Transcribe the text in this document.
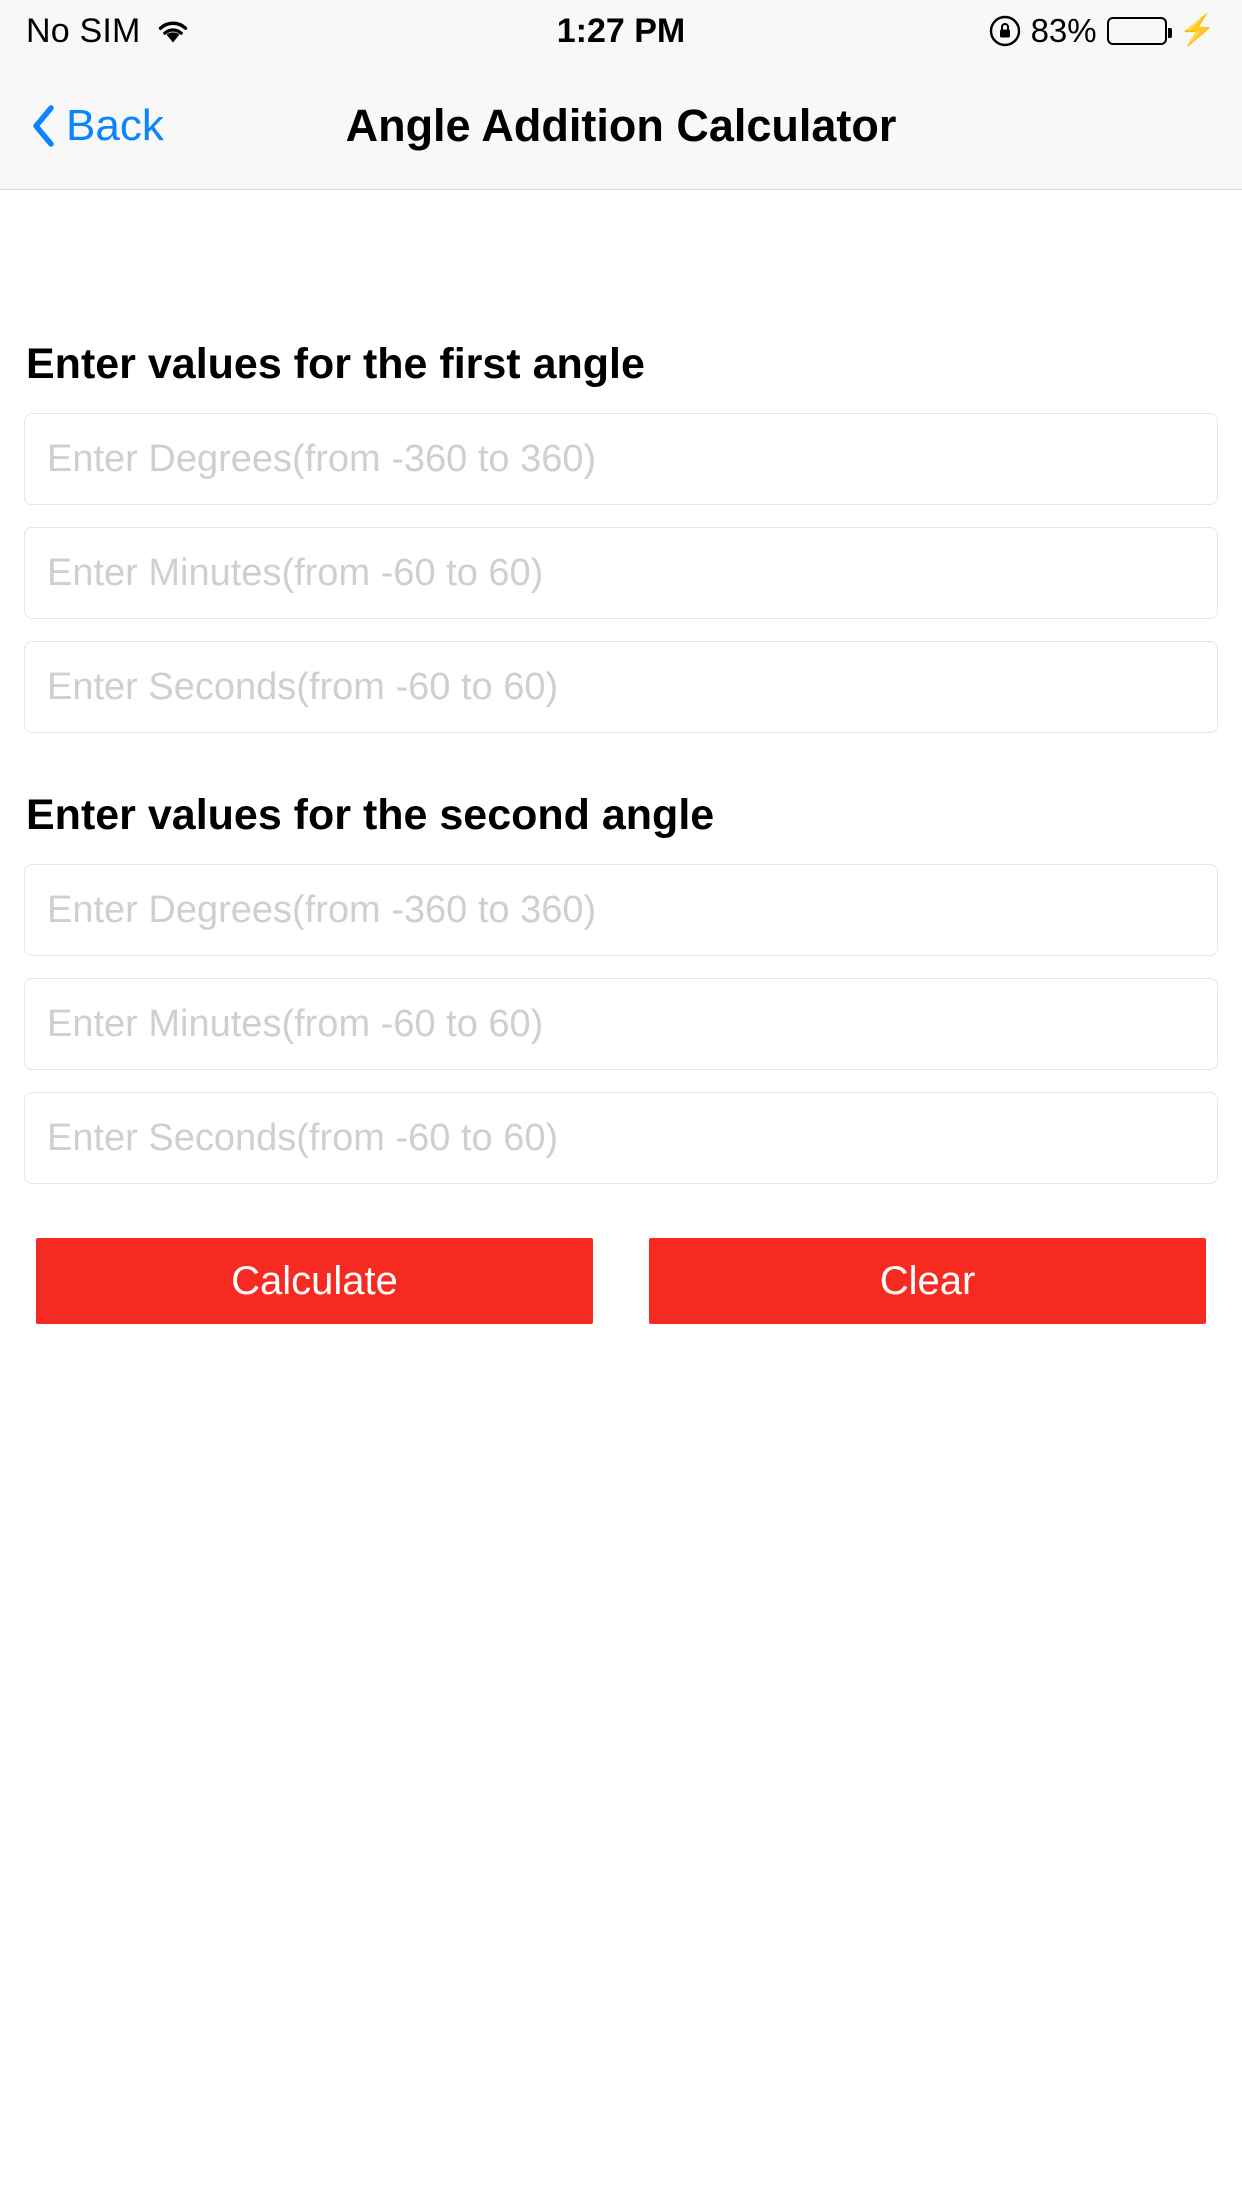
No SIM	1:27 PM	83%	⚡
Back	Angle Addition Calculator
Enter values for the first angle
Enter Degrees(from -360 to 360) Enter Minutes(from -60 to 60) Enter Seconds(from -60 to 60)
Enter values for the second angle
Enter Degrees(from -360 to 360) Enter Minutes(from -60 to 60) Enter Seconds(from -60 to 60)
Calculate	Clear
